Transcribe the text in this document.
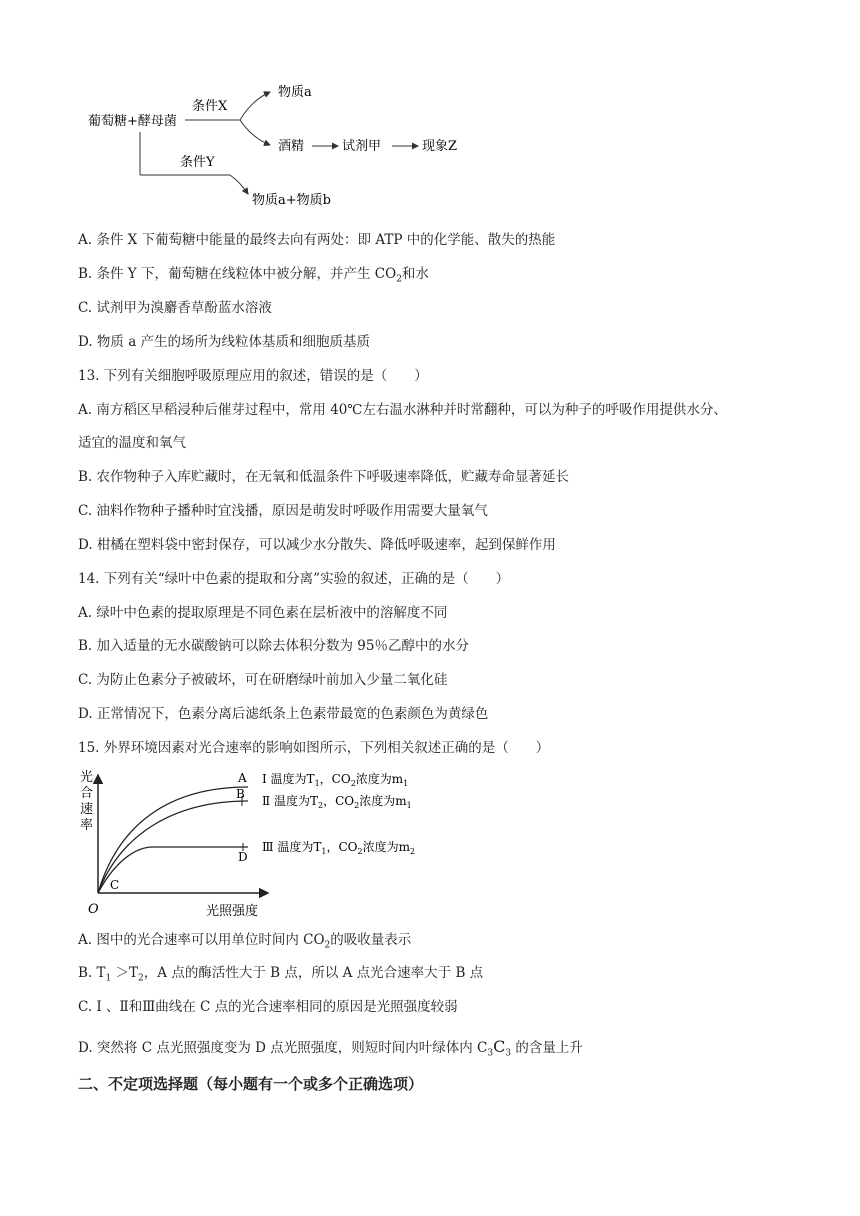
葡萄糖+酵母菌
条件X
物质a
酒精	试剂甲	现象Z
条件Y
物质a+物质b
A. 条件 X 下葡萄糖中能量的最终去向有两处：即 ATP 中的化学能、散失的热能
B. 条件 Y 下，葡萄糖在线粒体中被分解，并产生 $CO_2$和水
C. 试剂甲为溴麝香草酚蓝水溶液
D. 物质 a 产生的场所为线粒体基质和细胞质基质
13. 下列有关细胞呼吸原理应用的叙述，错误的是（　　）
A. 南方稻区早稻浸种后催芽过程中，常用 40℃左右温水淋种并时常翻种，可以为种子的呼吸作用提供水分、
适宜的温度和氧气
B. 农作物种子入库贮藏时，在无氧和低温条件下呼吸速率降低，贮藏寿命显著延长
C. 油料作物种子播种时宜浅播，原因是萌发时呼吸作用需要大量氧气
D. 柑橘在塑料袋中密封保存，可以减少水分散失、降低呼吸速率，起到保鲜作用
14. 下列有关“绿叶中色素的提取和分离”实验的叙述，正确的是（　　）
A. 绿叶中色素的提取原理是不同色素在层析液中的溶解度不同
B. 加入适量的无水碳酸钠可以除去体积分数为 95％乙醇中的水分
C. 为防止色素分子被破坏，可在研磨绿叶前加入少量二氧化硅
D. 正常情况下，色素分离后滤纸条上色素带最宽的色素颜色为黄绿色
15. 外界环境因素对光合速率的影响如图所示，下列相关叙述正确的是（　　）
光
合
速
率
O	光照强度
A
B
C
D
Ⅰ 温度为$T_1$，$CO_2$浓度为$m_1$
Ⅱ 温度为$T_2$，$CO_2$浓度为$m_1$
Ⅲ 温度为$T_1$，$CO_2$浓度为$m_2$
A. 图中的光合速率可以用单位时间内 $CO_2$的吸收量表示
B. $T_1 >T_2$，A 点的酶活性大于 B 点，所以 A 点光合速率大于 B 点
C. Ⅰ 、Ⅱ和Ⅲ曲线在 C 点的光合速率相同的原因是光照强度较弱
D. 突然将 C 点光照强度变为 D 点光照强度，则短时间内叶绿体内 $C_3C_3$ 的含量上升
二、不定项选择题（每小题有一个或多个正确选项）
